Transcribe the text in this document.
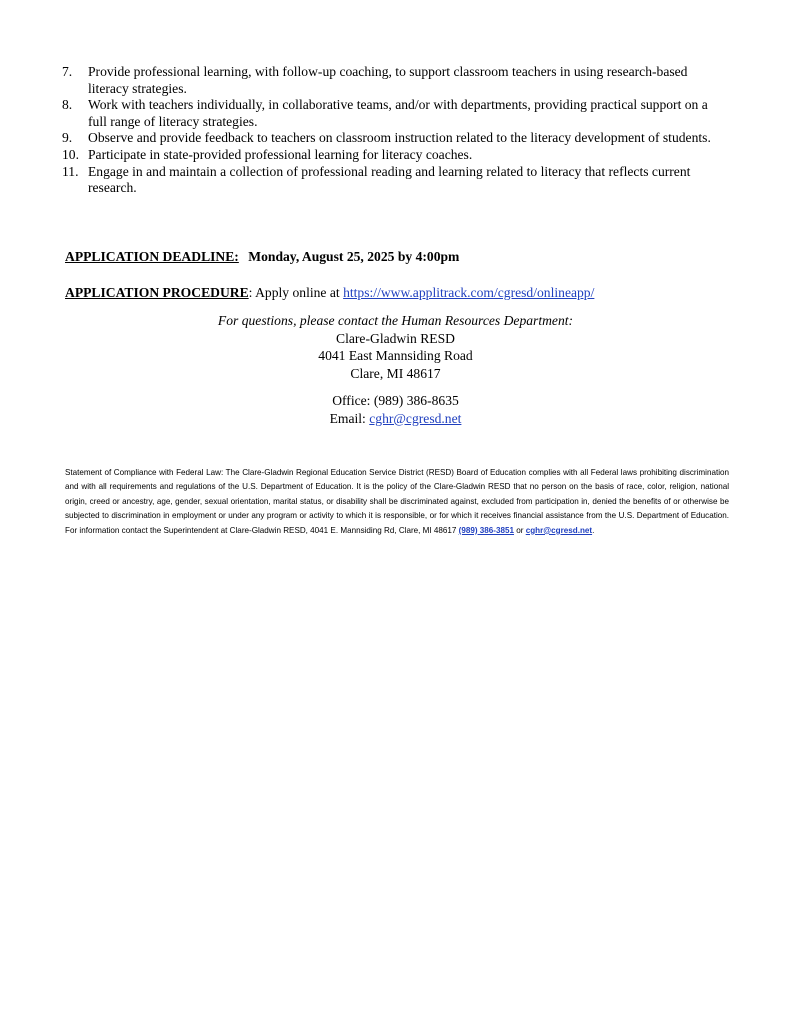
7.	Provide professional learning, with follow-up coaching, to support classroom teachers in using research-based literacy strategies.
8.	Work with teachers individually, in collaborative teams, and/or with departments, providing practical support on a full range of literacy strategies.
9.	Observe and provide feedback to teachers on classroom instruction related to the literacy development of students.
10. Participate in state-provided professional learning for literacy coaches.
11. Engage in and maintain a collection of professional reading and learning related to literacy that reflects current research.
APPLICATION DEADLINE: Monday, August 25, 2025 by 4:00pm
APPLICATION PROCEDURE: Apply online at https://www.applitrack.com/cgresd/onlineapp/
For questions, please contact the Human Resources Department:
Clare-Gladwin RESD
4041 East Mannsiding Road
Clare, MI 48617
Office: (989) 386-8635
Email: cghr@cgresd.net

Statement of Compliance with Federal Law: The Clare-Gladwin Regional Education Service District (RESD) Board of Education complies with all Federal laws prohibiting discrimination and with all requirements and regulations of the U.S. Department of Education. It is the policy of the Clare-Gladwin RESD that no person on the basis of race, color, religion, national origin, creed or ancestry, age, gender, sexual orientation, marital status, or disability shall be discriminated against, excluded from participation in, denied the benefits of or otherwise be subjected to discrimination in employment or under any program or activity to which it is responsible, or for which it receives financial assistance from the U.S. Department of Education. For information contact the Superintendent at Clare-Gladwin RESD, 4041 E. Mannsiding Rd, Clare, MI 48617 (989) 386-3851 or cghr@cgresd.net.
